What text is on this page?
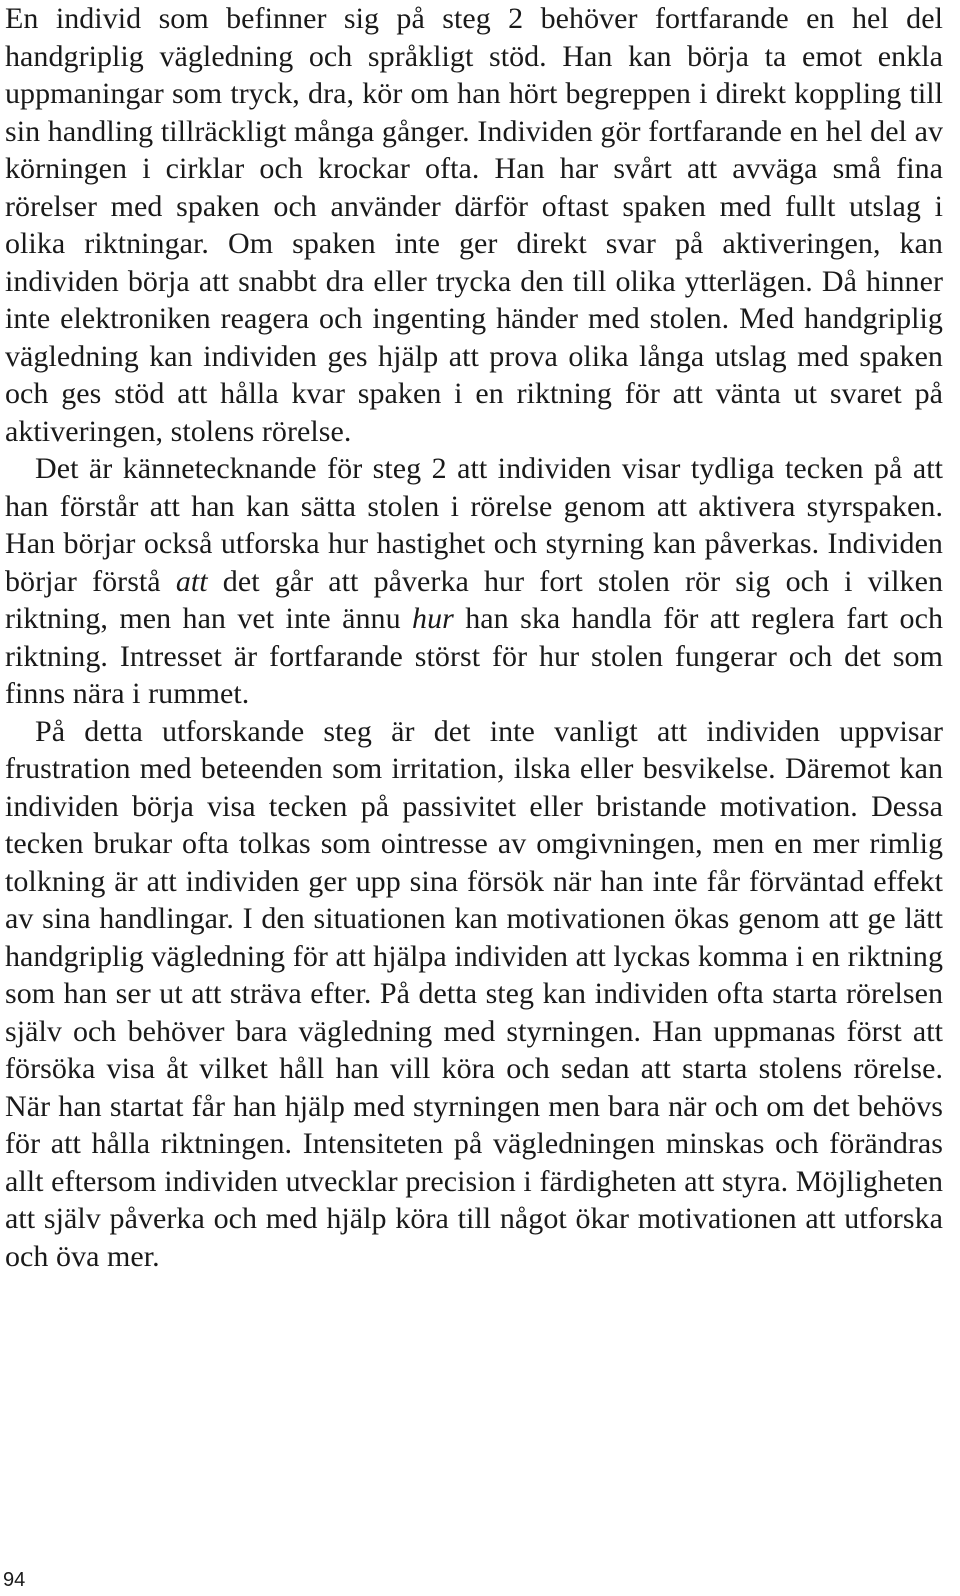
En individ som befinner sig på steg 2 behöver fortfarande en hel del handgriplig vägledning och språkligt stöd. Han kan börja ta emot enkla uppmaningar som tryck, dra, kör om han hört begreppen i direkt koppling till sin handling tillräckligt många gånger. Individen gör fortfarande en hel del av körningen i cirklar och krockar ofta. Han har svårt att avväga små fina rörelser med spaken och använder därför oftast spaken med fullt utslag i olika riktningar. Om spaken inte ger direkt svar på aktiveringen, kan individen börja att snabbt dra eller trycka den till olika ytterlägen. Då hinner inte elektroniken reagera och ingenting händer med stolen. Med handgriplig vägledning kan individen ges hjälp att prova olika långa utslag med spaken och ges stöd att hålla kvar spaken i en riktning för att vänta ut svaret på aktiveringen, stolens rörelse.

Det är kännetecknande för steg 2 att individen visar tydliga tecken på att han förstår att han kan sätta stolen i rörelse genom att aktivera styrspaken. Han börjar också utforska hur hastighet och styrning kan påverkas. Individen börjar förstå att det går att påverka hur fort stolen rör sig och i vilken riktning, men han vet inte ännu hur han ska handla för att reglera fart och riktning. Intresset är fortfarande störst för hur stolen fungerar och det som finns nära i rummet.

På detta utforskande steg är det inte vanligt att individen uppvisar frustration med beteenden som irritation, ilska eller besvikelse. Däremot kan individen börja visa tecken på passivitet eller bristande motivation. Dessa tecken brukar ofta tolkas som ointresse av omgivningen, men en mer rimlig tolkning är att individen ger upp sina försök när han inte får förväntad effekt av sina handlingar. I den situationen kan motivationen ökas genom att ge lätt handgriplig vägledning för att hjälpa individen att lyckas komma i en riktning som han ser ut att sträva efter. På detta steg kan individen ofta starta rörelsen själv och behöver bara vägledning med styrningen. Han uppmanas först att försöka visa åt vilket håll han vill köra och sedan att starta stolens rörelse. När han startat får han hjälp med styrningen men bara när och om det behövs för att hålla riktningen. Intensiteten på vägledningen minskas och förändras allt eftersom individen utvecklar precision i färdigheten att styra. Möjligheten att själv påverka och med hjälp köra till något ökar motivationen att utforska och öva mer.

94
